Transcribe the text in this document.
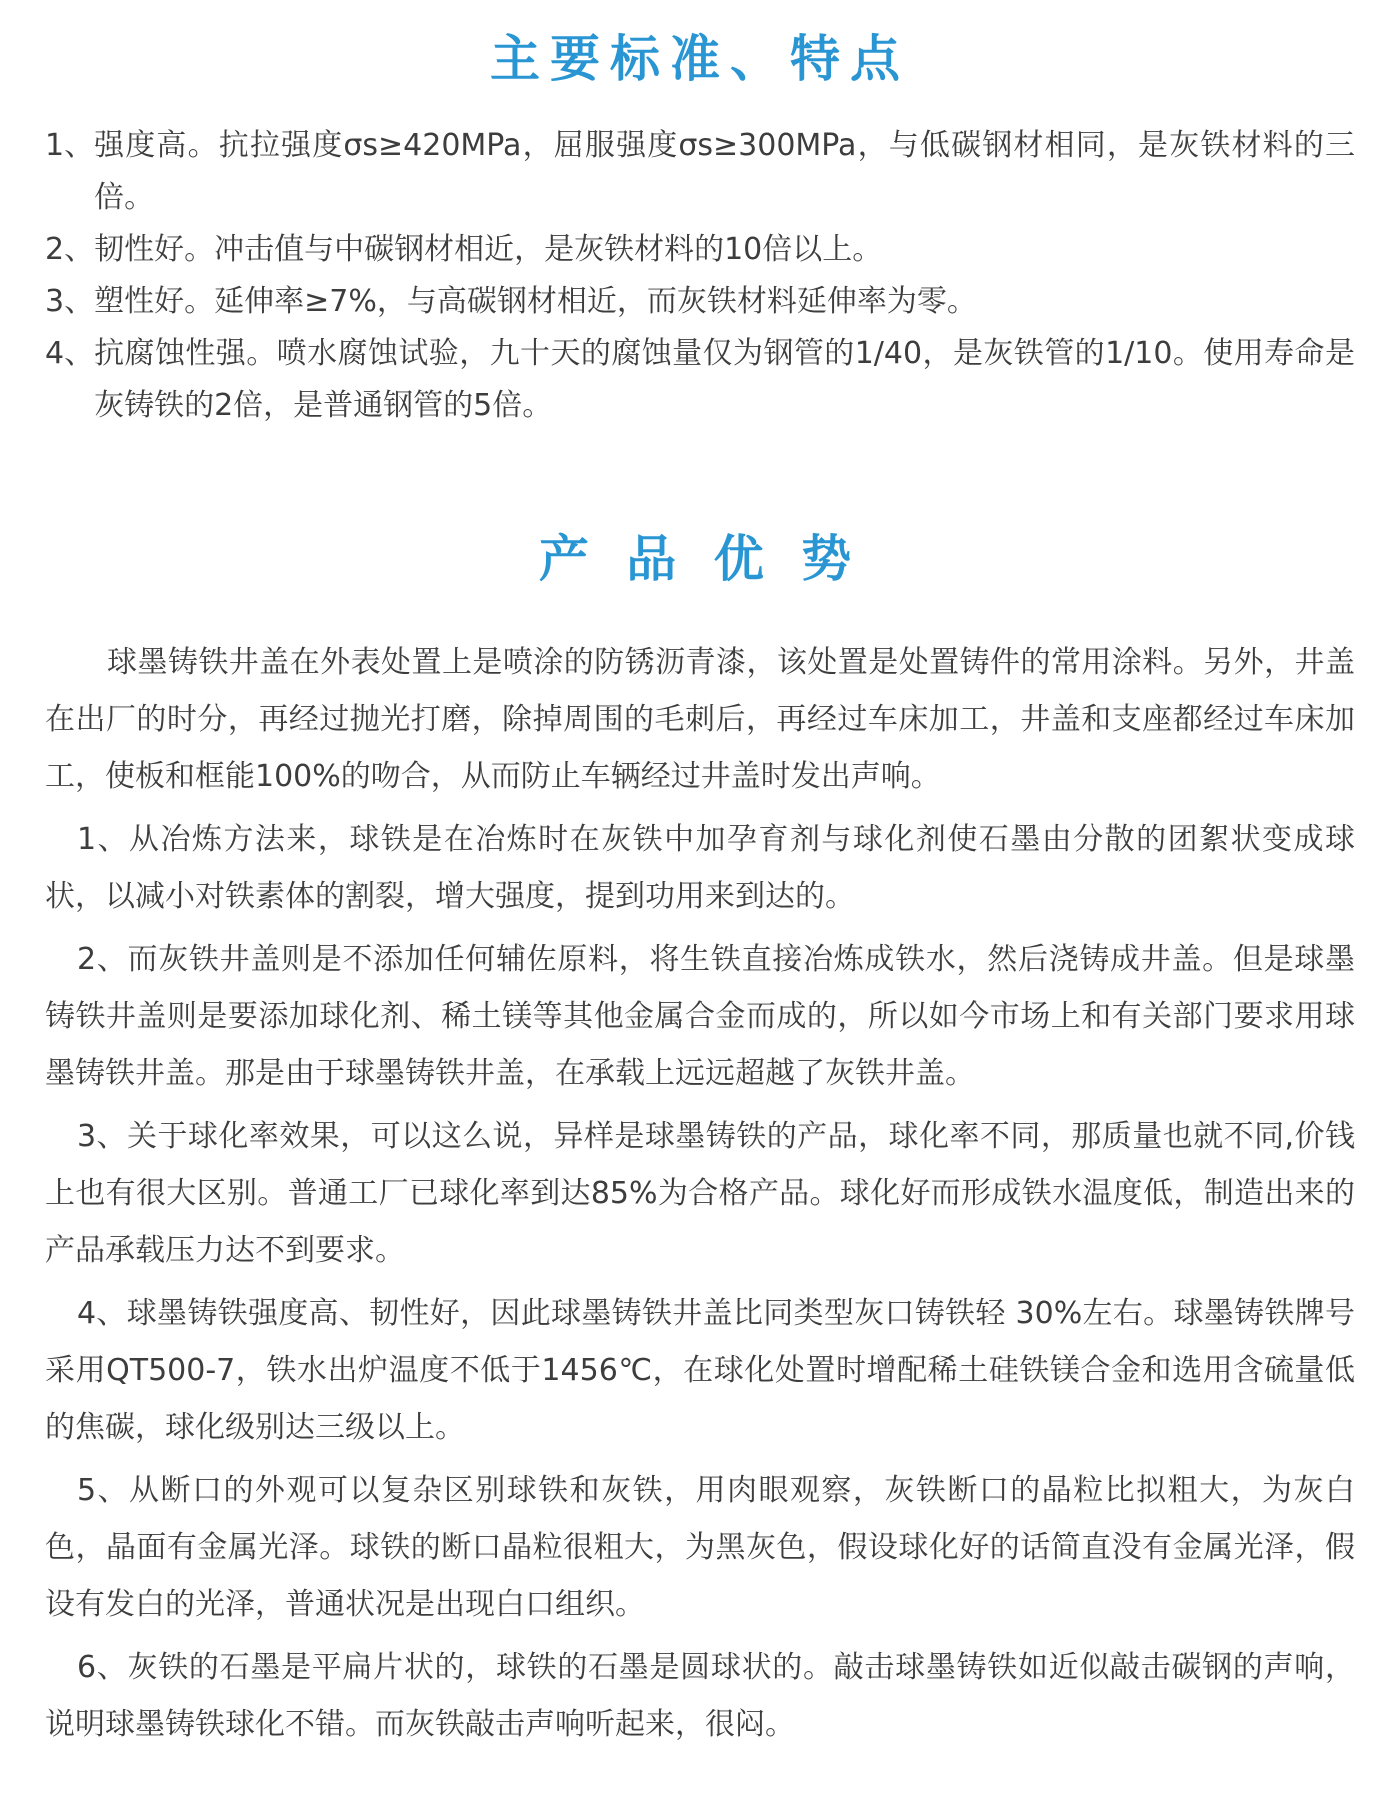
主要标准、特点
1、 强度高。抗拉强度σs≥420MPa，屈服强度σs≥300MPa，与低碳钢材相同，是灰铁材料的三倍。
2、 韧性好。冲击值与中碳钢材相近，是灰铁材料的10倍以上。
3、 塑性好。延伸率≥7%，与高碳钢材相近，而灰铁材料延伸率为零。
4、 抗腐蚀性强。喷水腐蚀试验，九十天的腐蚀量仅为钢管的1/40，是灰铁管的1/10。使用寿命是灰铸铁的2倍，是普通钢管的5倍。
产 品 优 势

球墨铸铁井盖在外表处置上是喷涂的防锈沥青漆，该处置是处置铸件的常用涂料。另外，井盖在出厂的时分，再经过抛光打磨，除掉周围的毛刺后，再经过车床加工，井盖和支座都经过车床加工，使板和框能100%的吻合，从而防止车辆经过井盖时发出声响。

1、从冶炼方法来，球铁是在冶炼时在灰铁中加孕育剂与球化剂使石墨由分散的团絮状变成球状，以减小对铁素体的割裂，增大强度，提到功用来到达的。

2、而灰铁井盖则是不添加任何辅佐原料，将生铁直接冶炼成铁水，然后浇铸成井盖。但是球墨铸铁井盖则是要添加球化剂、稀土镁等其他金属合金而成的，所以如今市场上和有关部门要求用球墨铸铁井盖。那是由于球墨铸铁井盖，在承载上远远超越了灰铁井盖。

3、关于球化率效果，可以这么说，异样是球墨铸铁的产品，球化率不同，那质量也就不同,价钱上也有很大区别。普通工厂已球化率到达85%为合格产品。球化好而形成铁水温度低，制造出来的产品承载压力达不到要求。

4、球墨铸铁强度高、韧性好，因此球墨铸铁井盖比同类型灰口铸铁轻 30%左右。球墨铸铁牌号采用QT500-7，铁水出炉温度不低于1456℃，在球化处置时增配稀土硅铁镁合金和选用含硫量低的焦碳，球化级别达三级以上。

5、从断口的外观可以复杂区别球铁和灰铁，用肉眼观察，灰铁断口的晶粒比拟粗大，为灰白色，晶面有金属光泽。球铁的断口晶粒很粗大，为黑灰色，假设球化好的话简直没有金属光泽，假设有发白的光泽，普通状况是出现白口组织。

6、灰铁的石墨是平扁片状的，球铁的石墨是圆球状的。敲击球墨铸铁如近似敲击碳钢的声响，说明球墨铸铁球化不错。而灰铁敲击声响听起来，很闷。
